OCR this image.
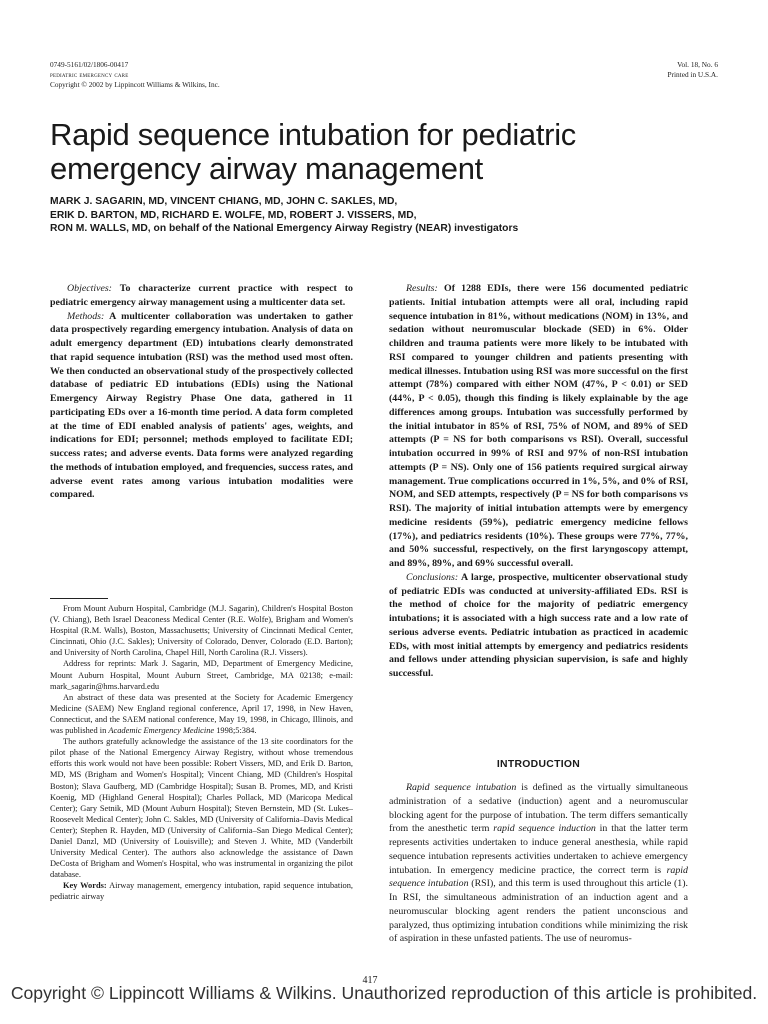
0749-5161/02/1806-00417
pediatric emergency care
Copyright © 2002 by Lippincott Williams & Wilkins, Inc.
Vol. 18, No. 6
Printed in U.S.A.
Rapid sequence intubation for pediatric
emergency airway management
MARK J. SAGARIN, MD, VINCENT CHIANG, MD, JOHN C. SAKLES, MD,
ERIK D. BARTON, MD, RICHARD E. WOLFE, MD, ROBERT J. VISSERS, MD,
RON M. WALLS, MD, on behalf of the National Emergency Airway Registry (NEAR) investigators

Objectives: To characterize current practice with respect to pediatric emergency airway management using a multicenter data set.

Methods: A multicenter collaboration was undertaken to gather data prospectively regarding emergency intubation. Analysis of data on adult emergency department (ED) intubations clearly demonstrated that rapid sequence intubation (RSI) was the method used most often. We then conducted an observational study of the prospectively collected database of pediatric ED intubations (EDIs) using the National Emergency Airway Registry Phase One data, gathered in 11 participating EDs over a 16-month time period. A data form completed at the time of EDI enabled analysis of patients' ages, weights, and indications for EDI; personnel; methods employed to facilitate EDI; success rates; and adverse events. Data forms were analyzed regarding the methods of intubation employed, and frequencies, success rates, and adverse event rates among various intubation modalities were compared.

From Mount Auburn Hospital, Cambridge (M.J. Sagarin), Children's Hospital Boston (V. Chiang), Beth Israel Deaconess Medical Center (R.E. Wolfe), Brigham and Women's Hospital (R.M. Walls), Boston, Massachusetts; University of Cincinnati Medical Center, Cincinnati, Ohio (J.C. Sakles); University of Colorado, Denver, Colorado (E.D. Barton); and University of North Carolina, Chapel Hill, North Carolina (R.J. Vissers).

Address for reprints: Mark J. Sagarin, MD, Department of Emergency Medicine, Mount Auburn Hospital, Mount Auburn Street, Cambridge, MA 02138; e-mail: mark_sagarin@hms.harvard.edu

An abstract of these data was presented at the Society for Academic Emergency Medicine (SAEM) New England regional conference, April 17, 1998, in New Haven, Connecticut, and the SAEM national conference, May 19, 1998, in Chicago, Illinois, and was published in Academic Emergency Medicine 1998;5:384.

The authors gratefully acknowledge the assistance of the 13 site coordinators for the pilot phase of the National Emergency Airway Registry, without whose tremendous efforts this work would not have been possible: Robert Vissers, MD, and Erik D. Barton, MD, MS (Brigham and Women's Hospital); Vincent Chiang, MD (Children's Hospital Boston); Slava Gaufberg, MD (Cambridge Hospital); Susan B. Promes, MD, and Kristi Koenig, MD (Highland General Hospital); Charles Pollack, MD (Maricopa Medical Center); Gary Setnik, MD (Mount Auburn Hospital); Steven Bernstein, MD (St. Lukes–Roosevelt Medical Center); John C. Sakles, MD (University of California–Davis Medical Center); Stephen R. Hayden, MD (University of California–San Diego Medical Center); Daniel Danzl, MD (University of Louisville); and Steven J. White, MD (Vanderbilt University Medical Center). The authors also acknowledge the assistance of Dawn DeCosta of Brigham and Women's Hospital, who was instrumental in organizing the pilot database.

Key Words: Airway management, emergency intubation, rapid sequence intubation, pediatric airway

Results: Of 1288 EDIs, there were 156 documented pediatric patients. Initial intubation attempts were all oral, including rapid sequence intubation in 81%, without medications (NOM) in 13%, and sedation without neuromuscular blockade (SED) in 6%. Older children and trauma patients were more likely to be intubated with RSI compared to younger children and patients presenting with medical illnesses. Intubation using RSI was more successful on the first attempt (78%) compared with either NOM (47%, P < 0.01) or SED (44%, P < 0.05), though this finding is likely explainable by the age differences among groups. Intubation was successfully performed by the initial intubator in 85% of RSI, 75% of NOM, and 89% of SED attempts (P = NS for both comparisons vs RSI). Overall, successful intubation occurred in 99% of RSI and 97% of non-RSI intubation attempts (P = NS). Only one of 156 patients required surgical airway management. True complications occurred in 1%, 5%, and 0% of RSI, NOM, and SED attempts, respectively (P = NS for both comparisons vs RSI). The majority of initial intubation attempts were by emergency medicine residents (59%), pediatric emergency medicine fellows (17%), and pediatrics residents (10%). These groups were 77%, 77%, and 50% successful, respectively, on the first laryngoscopy attempt, and 89%, 89%, and 69% successful overall.

Conclusions: A large, prospective, multicenter observational study of pediatric EDIs was conducted at university-affiliated EDs. RSI is the method of choice for the majority of pediatric emergency intubations; it is associated with a high success rate and a low rate of serious adverse events. Pediatric intubation as practiced in academic EDs, with most initial attempts by emergency and pediatrics residents and fellows under attending physician supervision, is safe and highly successful.

INTRODUCTION

Rapid sequence intubation is defined as the virtually simultaneous administration of a sedative (induction) agent and a neuromuscular blocking agent for the purpose of intubation. The term differs semantically from the anesthetic term rapid sequence induction in that the latter term represents activities undertaken to induce general anesthesia, while rapid sequence intubation represents activities undertaken to achieve emergency intubation. In emergency medicine practice, the correct term is rapid sequence intubation (RSI), and this term is used throughout this article (1). In RSI, the simultaneous administration of an induction agent and a neuromuscular blocking agent renders the patient unconscious and paralyzed, thus optimizing intubation conditions while minimizing the risk of aspiration in these unfasted patients. The use of neuromus-

417
Copyright © Lippincott Williams & Wilkins. Unauthorized reproduction of this article is prohibited.
